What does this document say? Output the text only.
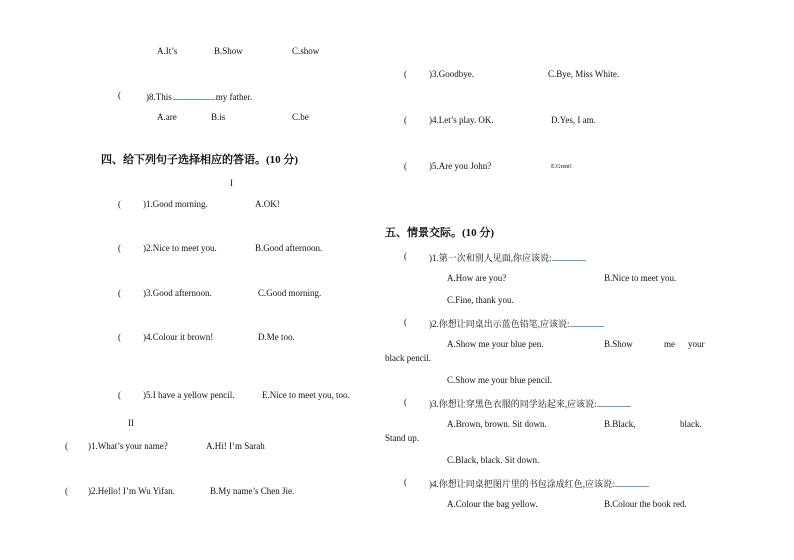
A.It’s	B.Show	C.show
(	)8.This	my father.
A.are	B.is	C.be
四、给下列句子选择相应的答语。(10 分)
I
( )1.Good morning.	A.OK!
( )2.Nice to meet you.	B.Good afternoon.
( )3.Good afternoon.	C.Good morning.
( )4.Colour it brown!	D.Me too.
( )5.I have a yellow pencil.	E.Nice to meet you, too.
II
( )1.What’s your name?	A.Hi! I’m Sarah
( )2.Hello! I’m Wu Yifan.	B.My name’s Chen Jie.
( )3.Goodbye.	C.Bye, Miss White.
( )4.Let’s play. OK.	D.Yes, I am.
( )5.Are you John?	E.Grent!
五、情景交际。(10 分)
( )1.第一次和别人见面,你应该说:
A.How are you?	B.Nice to meet you.
C.Fine, thank you.
( )2.你想让同桌出示蓝色铅笔,应该说:
A.Show me your blue pen.	B.Show	me your
black pencil.
C.Show me your blue pencil.
( )3.你想让穿黑色衣服的同学站起来,应该说:
A.Brown, brown. Sit down.	B.Black,	black.
Stand up.
C.Black, black. Sit down.
( )4.你想让同桌把图片里的书包涂成红色,应该说:
A.Colour the bag yellow.	B.Colour the book red.
